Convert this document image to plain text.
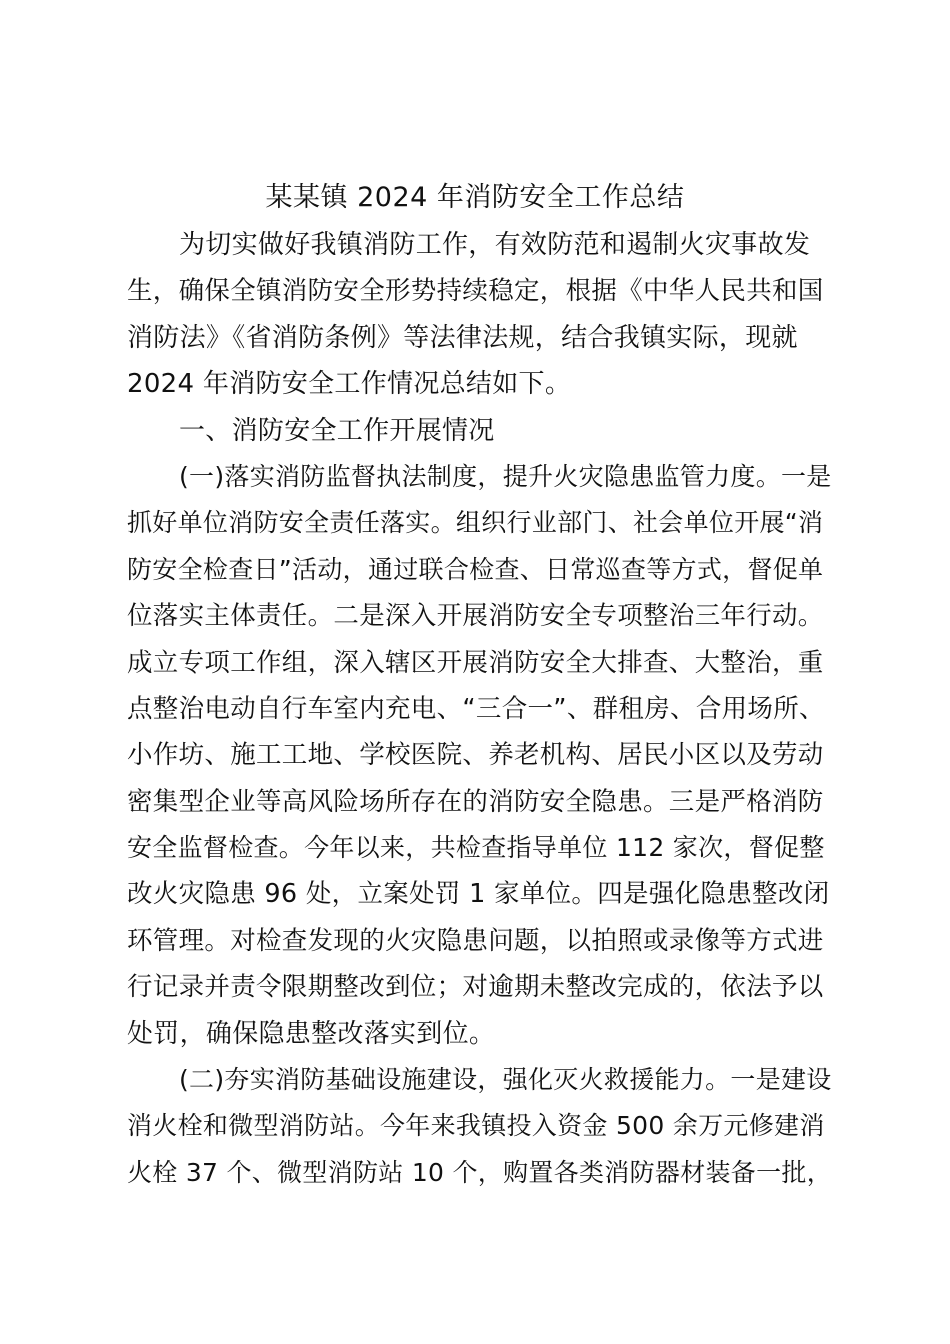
某某镇 2024 年消防安全工作总结

为切实做好我镇消防工作，有效防范和遏制火灾事故发

生，确保全镇消防安全形势持续稳定，根据《中华人民共和国

消防法》《省消防条例》等法律法规，结合我镇实际，现就

2024 年消防安全工作情况总结如下。

一、消防安全工作开展情况

(一)落实消防监督执法制度，提升火灾隐患监管力度。一是

抓好单位消防安全责任落实。组织行业部门、社会单位开展“消

防安全检查日”活动，通过联合检查、日常巡查等方式，督促单

位落实主体责任。二是深入开展消防安全专项整治三年行动。

成立专项工作组，深入辖区开展消防安全大排查、大整治，重

点整治电动自行车室内充电、“三合一”、群租房、合用场所、

小作坊、施工工地、学校医院、养老机构、居民小区以及劳动

密集型企业等高风险场所存在的消防安全隐患。三是严格消防

安全监督检查。今年以来，共检查指导单位 112 家次，督促整

改火灾隐患 96 处，立案处罚 1 家单位。四是强化隐患整改闭

环管理。对检查发现的火灾隐患问题，以拍照或录像等方式进

行记录并责令限期整改到位；对逾期未整改完成的，依法予以

处罚，确保隐患整改落实到位。

(二)夯实消防基础设施建设，强化灭火救援能力。一是建设

消火栓和微型消防站。今年来我镇投入资金 500 余万元修建消

火栓 37 个、微型消防站 10 个，购置各类消防器材装备一批，
